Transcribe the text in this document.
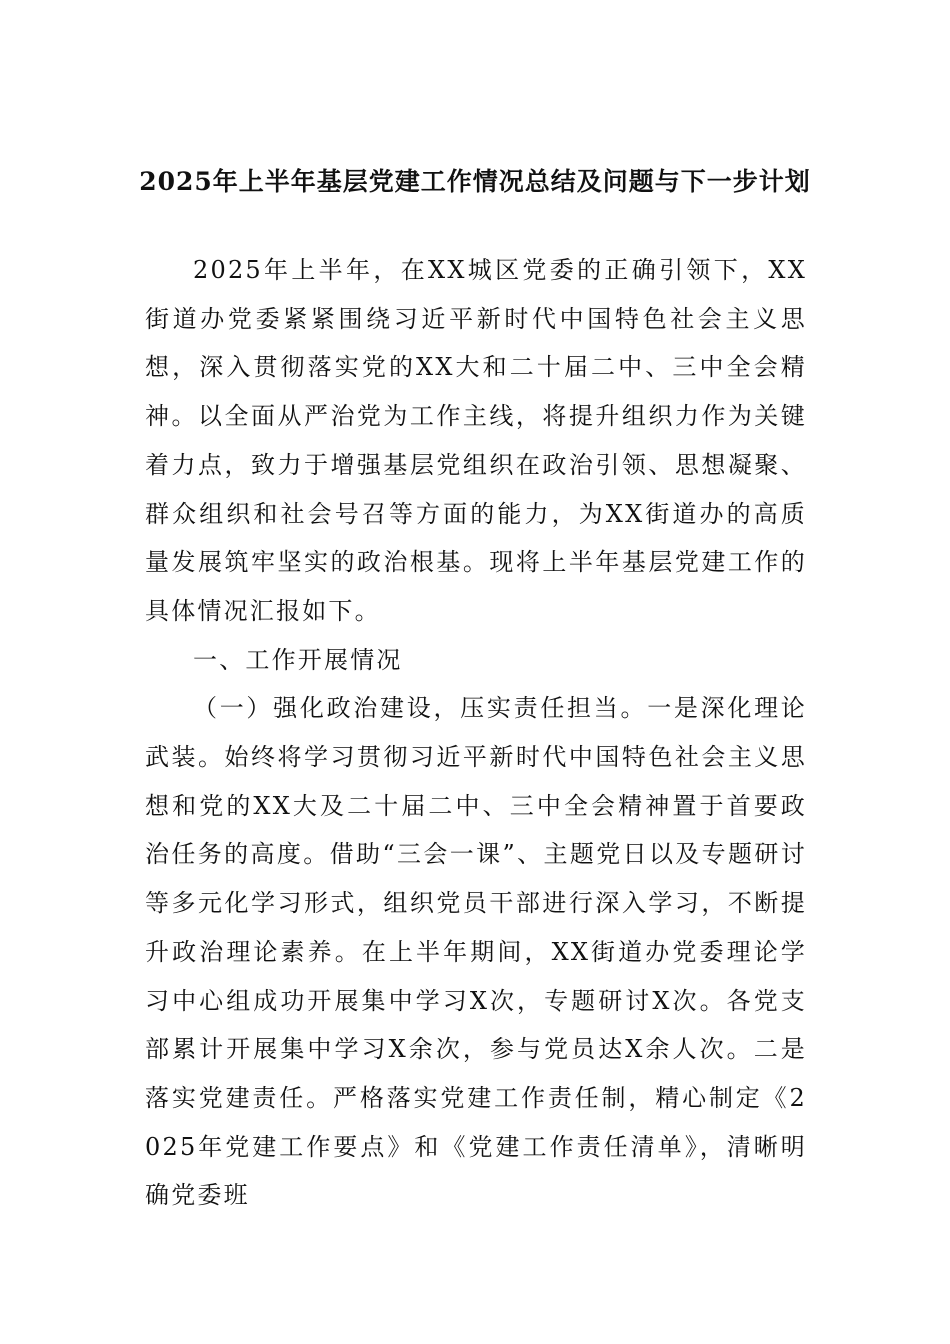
2025年上半年基层党建工作情况总结及问题与下一步计划

2025年上半年，在XX城区党委的正确引领下，XX街道办党委紧紧围绕习近平新时代中国特色社会主义思想，深入贯彻落实党的XX大和二十届二中、三中全会精神。以全面从严治党为工作主线，将提升组织力作为关键着力点，致力于增强基层党组织在政治引领、思想凝聚、群众组织和社会号召等方面的能力，为XX街道办的高质量发展筑牢坚实的政治根基。现将上半年基层党建工作的具体情况汇报如下。

一、工作开展情况

（一）强化政治建设，压实责任担当。一是深化理论武装。始终将学习贯彻习近平新时代中国特色社会主义思想和党的XX大及二十届二中、三中全会精神置于首要政治任务的高度。借助“三会一课”、主题党日以及专题研讨等多元化学习形式，组织党员干部进行深入学习，不断提升政治理论素养。在上半年期间，XX街道办党委理论学习中心组成功开展集中学习X次，专题研讨X次。各党支部累计开展集中学习X余次，参与党员达X余人次。二是落实党建责任。严格落实党建工作责任制，精心制定《2025年党建工作要点》和《党建工作责任清单》，清晰明确党委班
